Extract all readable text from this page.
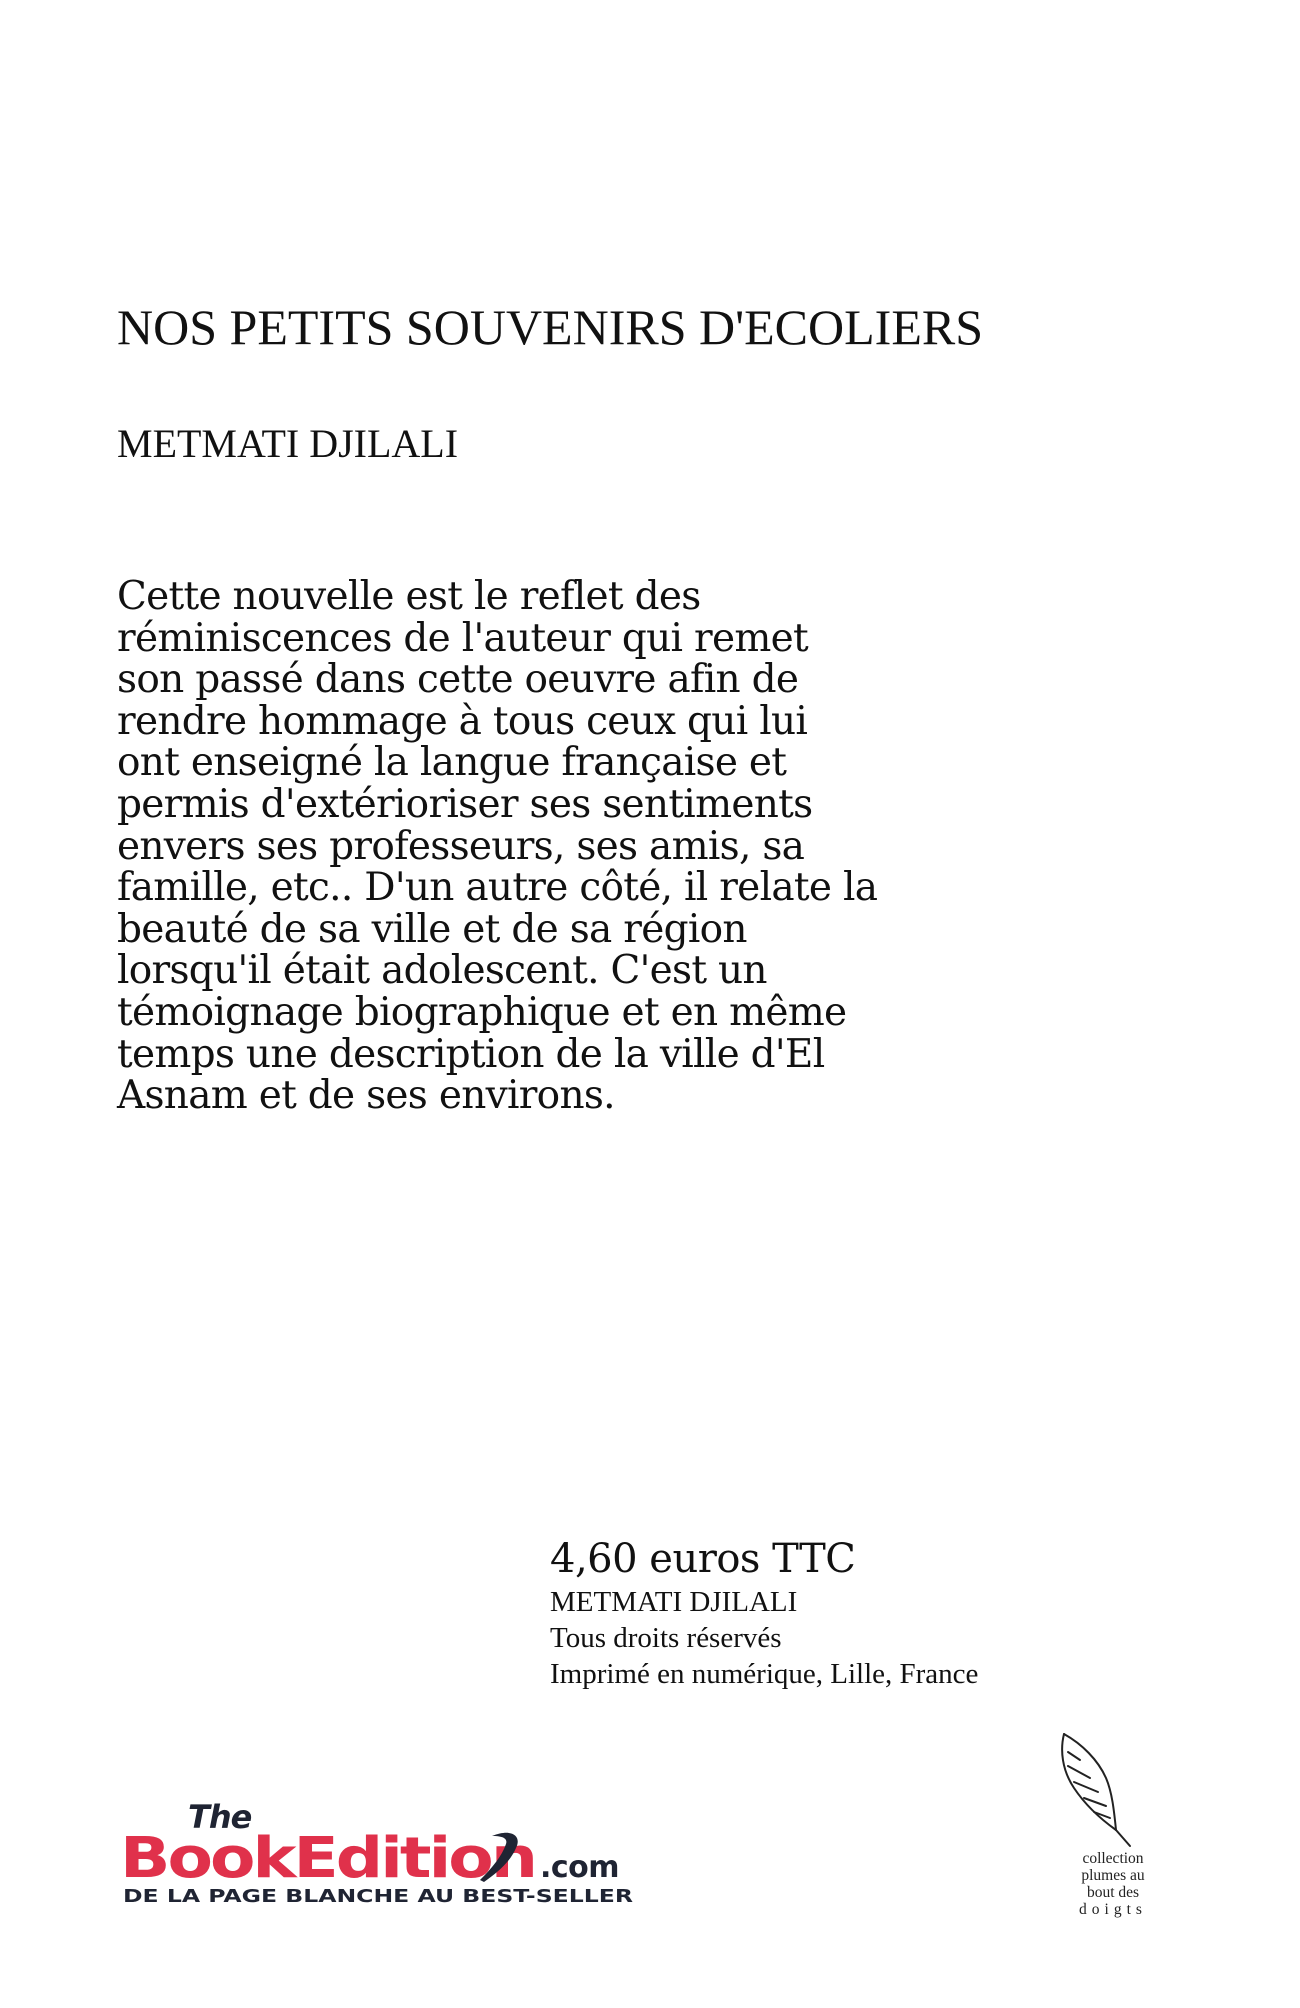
NOS PETITS SOUVENIRS D'ECOLIERS
METMATI DJILALI
Cette nouvelle est le reflet des
réminiscences de l'auteur qui remet
son passé dans cette oeuvre afin de
rendre hommage à tous ceux qui lui
ont enseigné la langue française et
permis d'extérioriser ses sentiments
envers ses professeurs, ses amis, sa
famille, etc.. D'un autre côté, il relate la
beauté de sa ville et de sa région
lorsqu'il était adolescent. C'est un
témoignage biographique et en même
temps une description de la ville d'El
Asnam et de ses environs.
4,60 euros TTC
METMATI DJILALI
Tous droits réservés
Imprimé en numérique, Lille, France
The
BookEditi o	.com
DE LA PAGE BLANCHE AU BEST-SELLER
collection
plumes au
bout des
doigts
